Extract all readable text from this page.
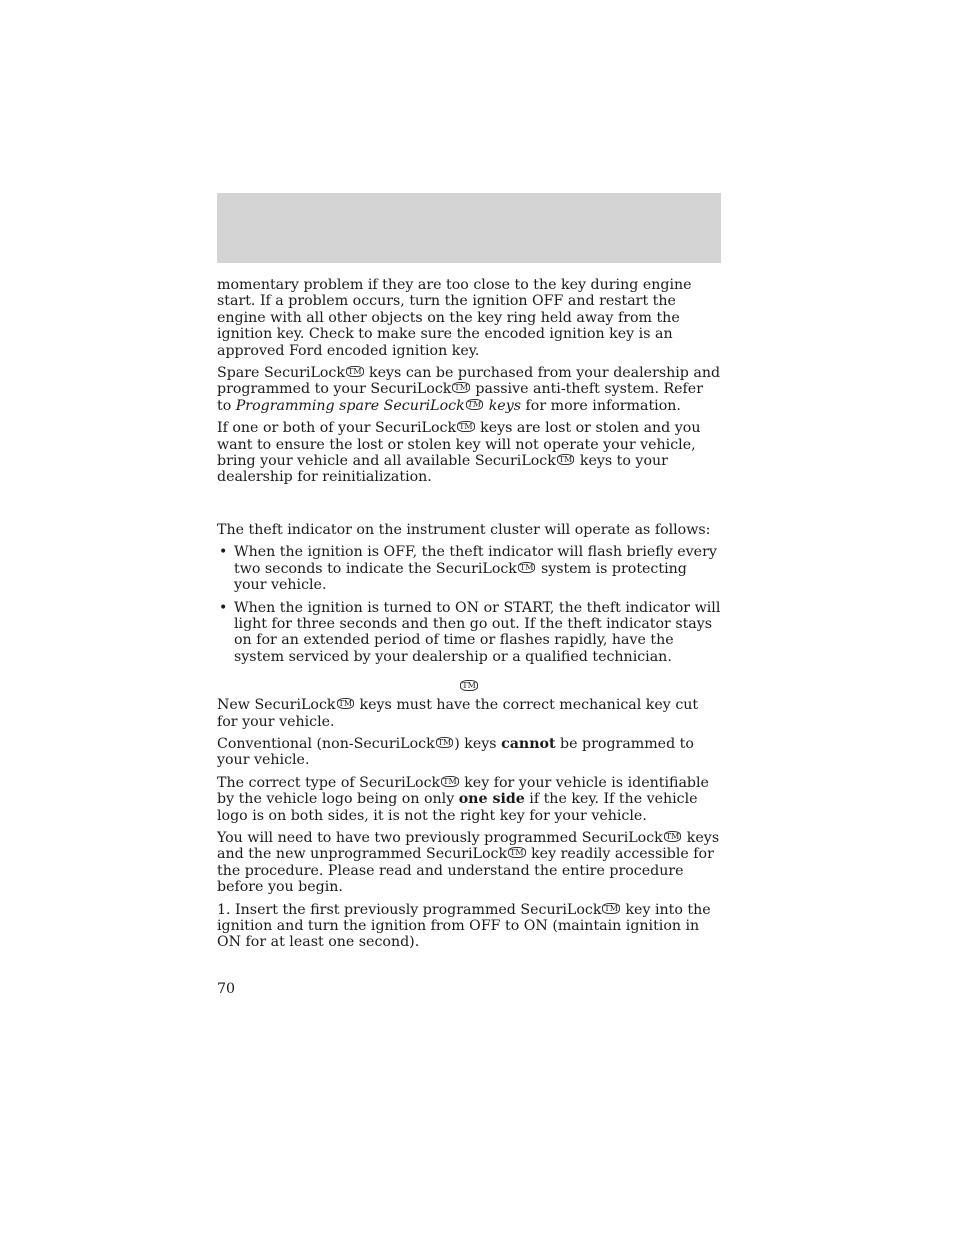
momentary problem if they are too close to the key during engine start. If a problem occurs, turn the ignition OFF and restart the engine with all other objects on the key ring held away from the ignition key. Check to make sure the encoded ignition key is an approved Ford encoded ignition key.

Spare SecuriLock ™ keys can be purchased from your dealership and programmed to your SecuriLock ™ passive anti-theft system. Refer to Programming spare SecuriLock ™ keys for more information.

If one or both of your SecuriLock ™ keys are lost or stolen and you want to ensure the lost or stolen key will not operate your vehicle, bring your vehicle and all available SecuriLock ™ keys to your dealership for reinitialization.

The theft indicator on the instrument cluster will operate as follows:

• When the ignition is OFF, the theft indicator will flash briefly every two seconds to indicate the SecuriLock ™ system is protecting your vehicle.
• When the ignition is turned to ON or START, the theft indicator will light for three seconds and then go out. If the theft indicator stays on for an extended period of time or flashes rapidly, have the system serviced by your dealership or a qualified technician.
TM

New SecuriLock ™ keys must have the correct mechanical key cut for your vehicle.

Conventional (non-SecuriLock ™ ) keys cannot be programmed to your vehicle.

The correct type of SecuriLock ™ key for your vehicle is identifiable by the vehicle logo being on only one side if the key. If the vehicle logo is on both sides, it is not the right key for your vehicle.

You will need to have two previously programmed SecuriLock ™ keys and the new unprogrammed SecuriLock ™ key readily accessible for the procedure. Please read and understand the entire procedure before you begin.

1. Insert the first previously programmed SecuriLock ™ key into the ignition and turn the ignition from OFF to ON (maintain ignition in ON for at least one second).

70
